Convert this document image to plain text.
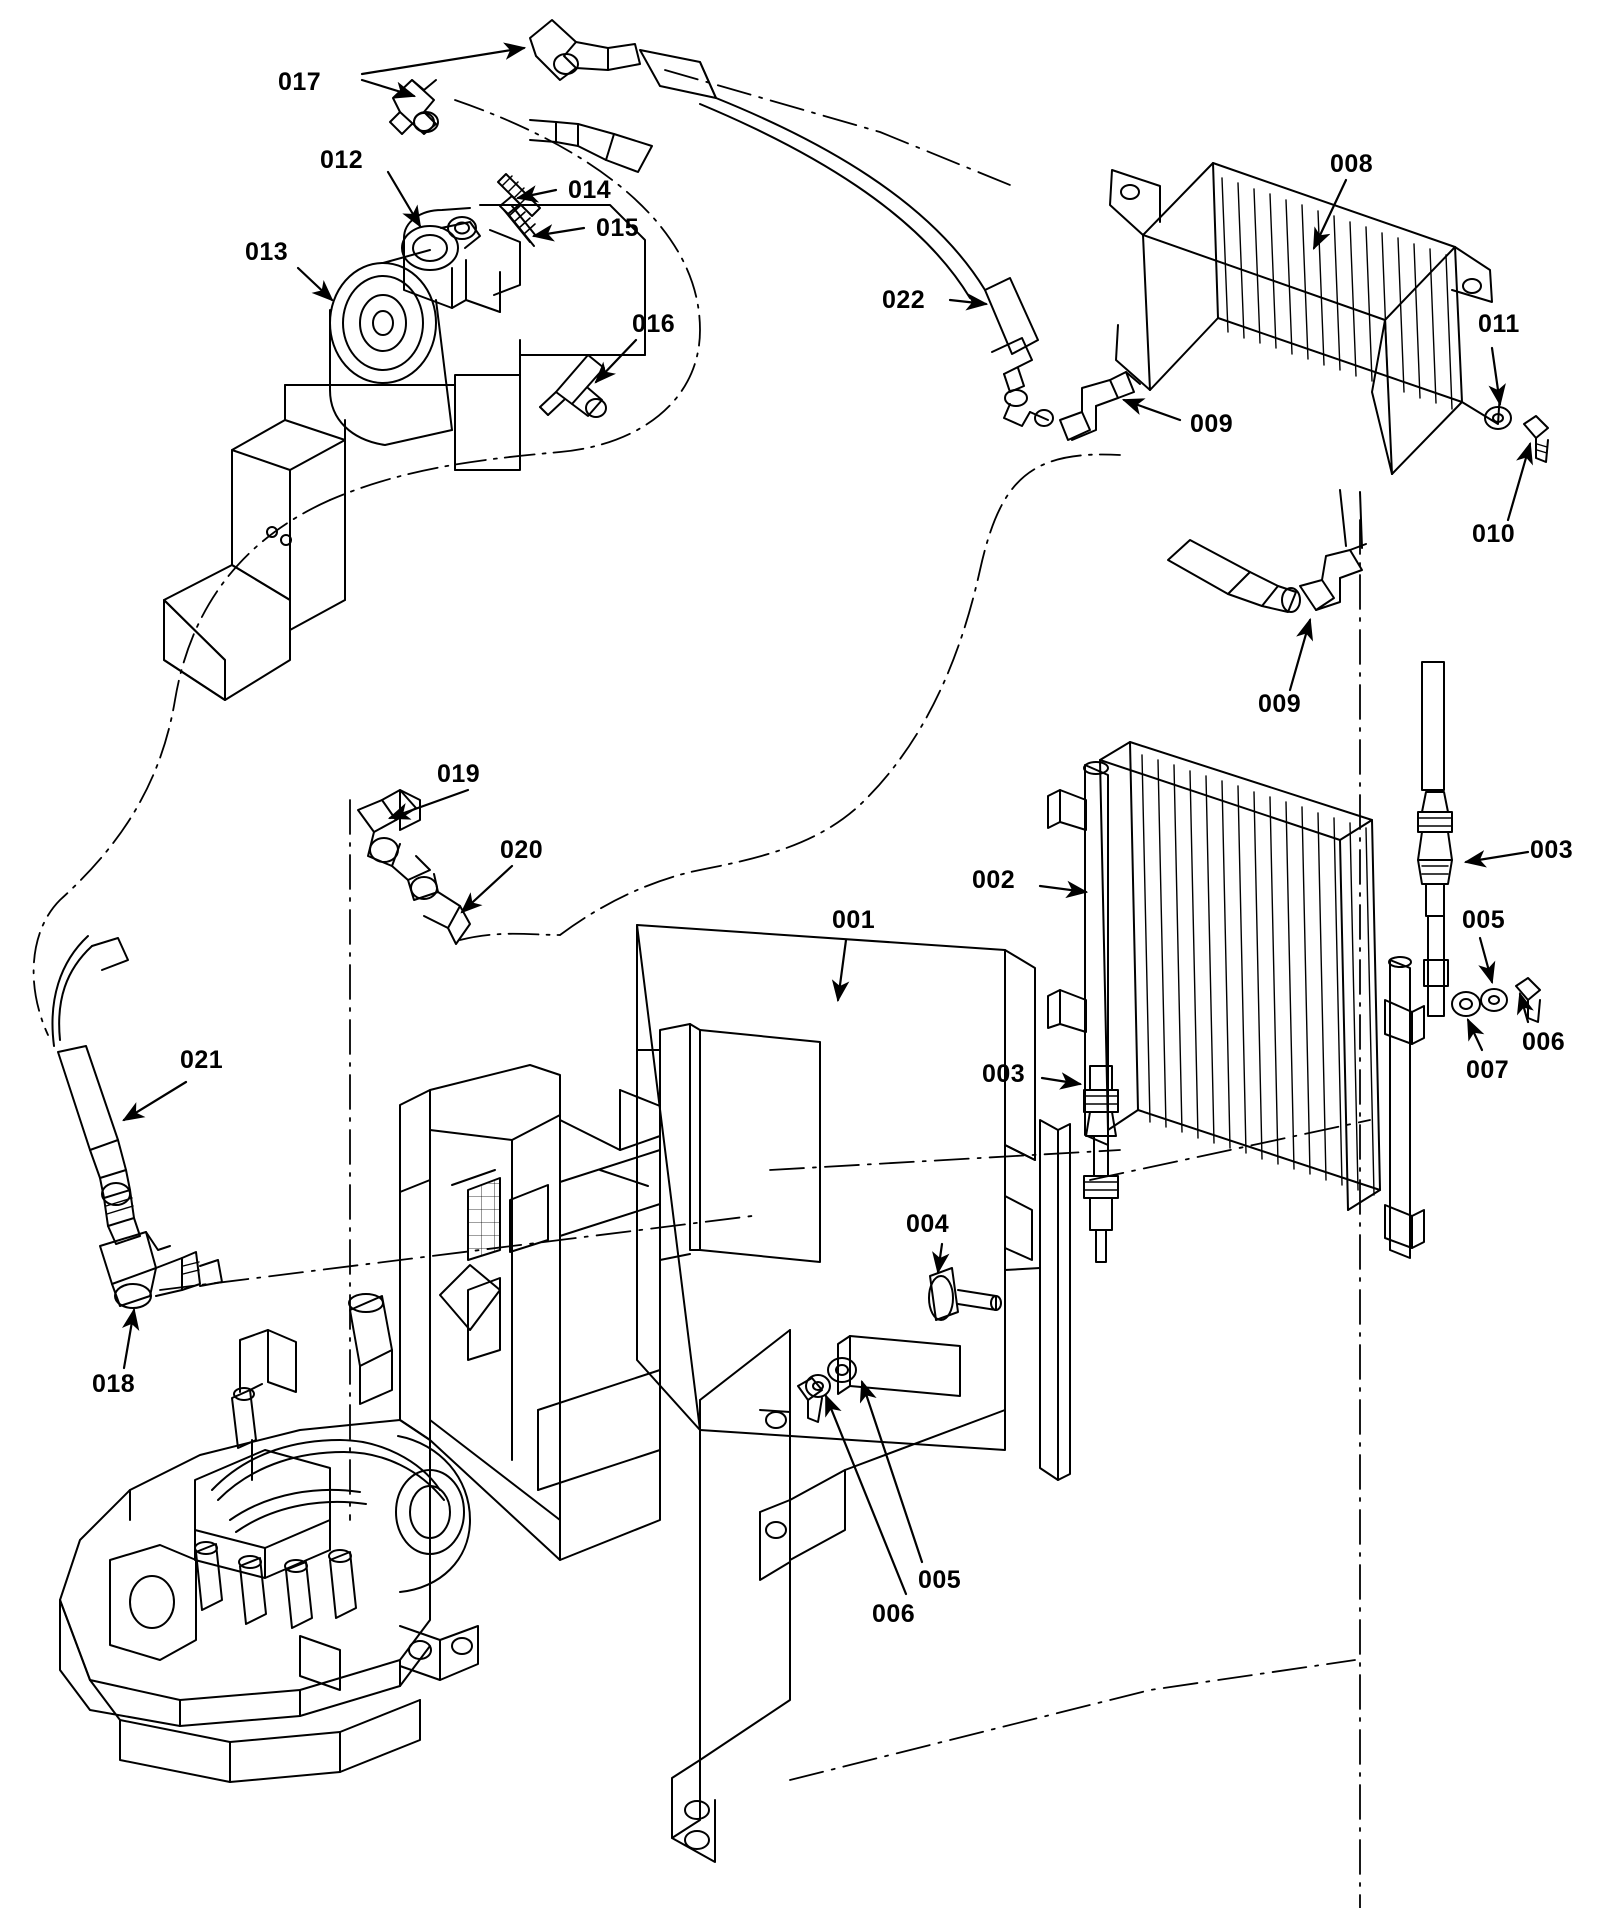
017
012
013
014
015
016
022
008
011
010
009
009
019
020
021
018
002
001
003
005
007
006
003
004
005
006
